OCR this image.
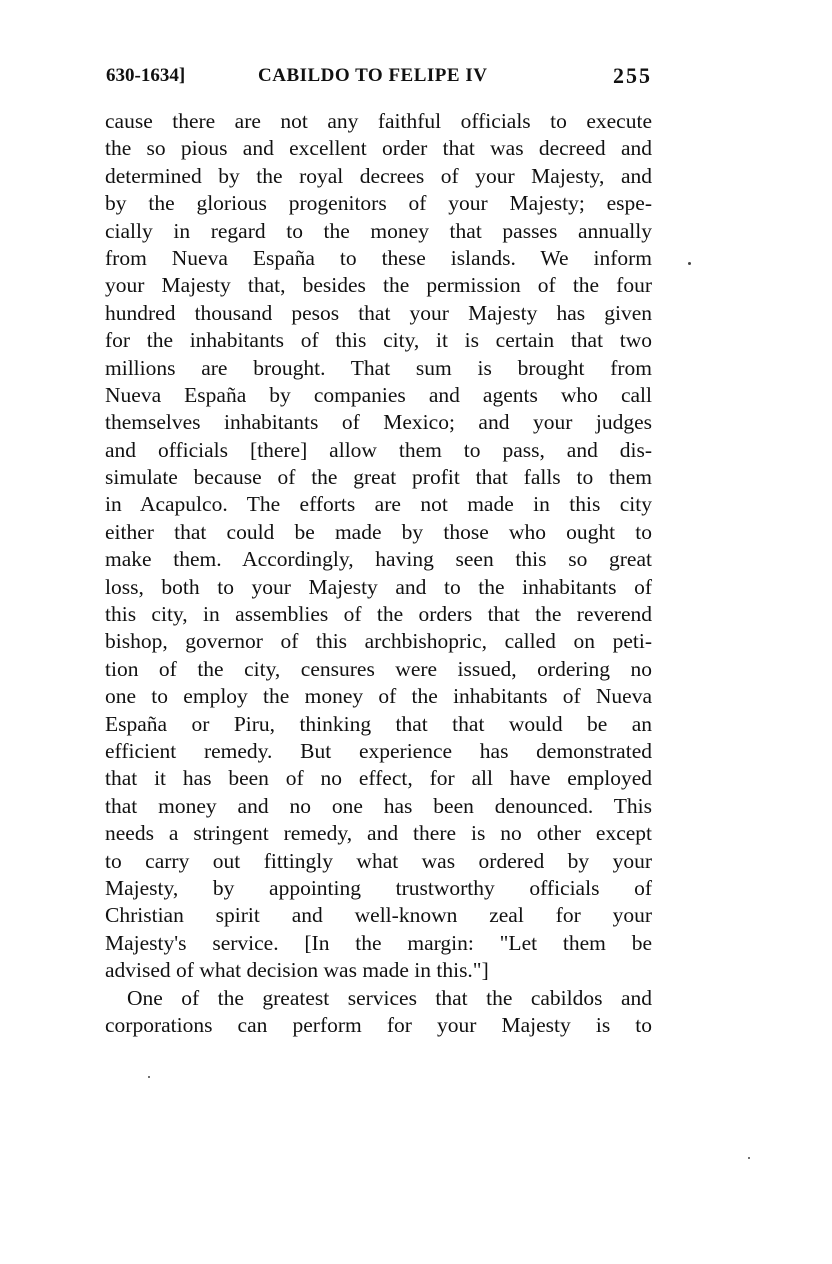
630-1634]	CABILDO TO FELIPE IV	255
cause there are not any faithful officials to execute
the so pious and excellent order that was decreed and
determined by the royal decrees of your Majesty, and
by the glorious progenitors of your Majesty; espe-
cially in regard to the money that passes annually
from Nueva España to these islands. We inform
your Majesty that, besides the permission of the four
hundred thousand pesos that your Majesty has given
for the inhabitants of this city, it is certain that two
millions are brought. That sum is brought from
Nueva España by companies and agents who call
themselves inhabitants of Mexico; and your judges
and officials [there] allow them to pass, and dis-
simulate because of the great profit that falls to them
in Acapulco. The efforts are not made in this city
either that could be made by those who ought to
make them. Accordingly, having seen this so great
loss, both to your Majesty and to the inhabitants of
this city, in assemblies of the orders that the reverend
bishop, governor of this archbishopric, called on peti-
tion of the city, censures were issued, ordering no
one to employ the money of the inhabitants of Nueva
España or Piru, thinking that that would be an
efficient remedy. But experience has demonstrated
that it has been of no effect, for all have employed
that money and no one has been denounced. This
needs a stringent remedy, and there is no other except
to carry out fittingly what was ordered by your
Majesty, by appointing trustworthy officials of
Christian spirit and well-known zeal for your
Majesty's service. [In the margin: "Let them be
advised of what decision was made in this."]
One of the greatest services that the cabildos and
corporations can perform for your Majesty is to
